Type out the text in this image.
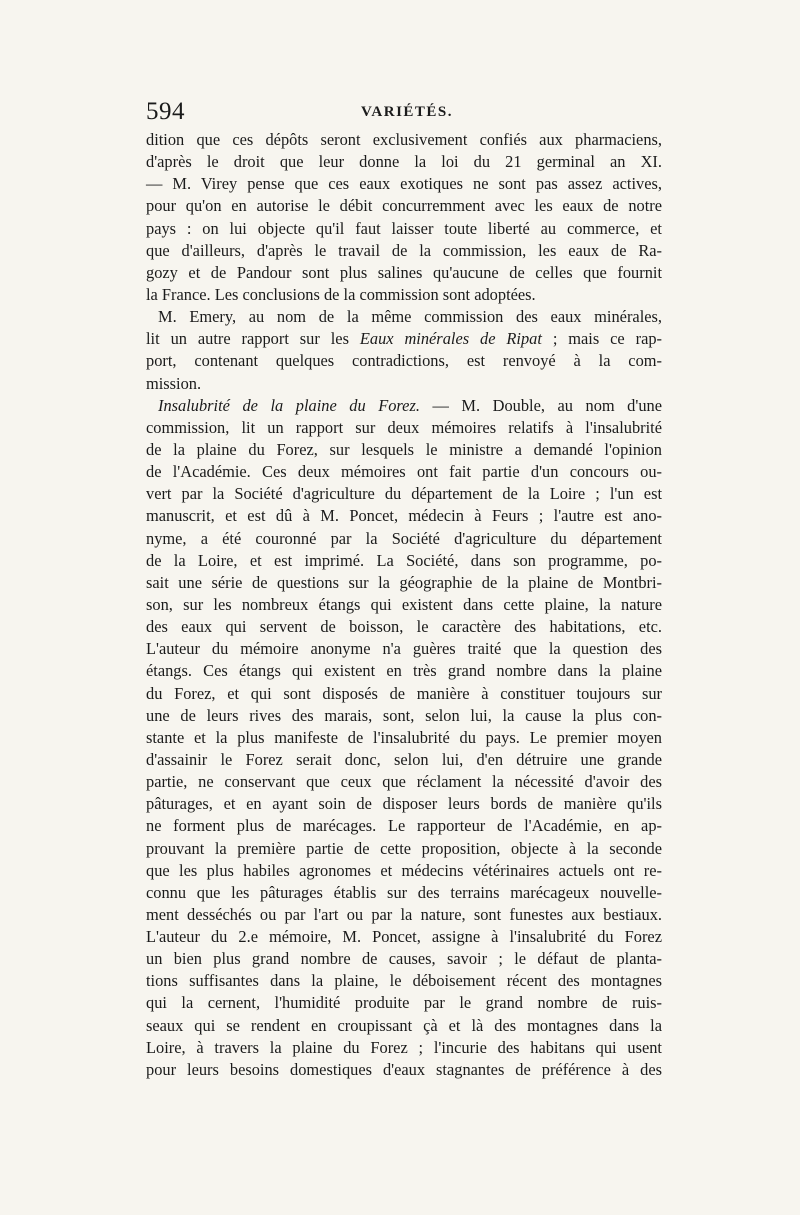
594	VARIÉTÉS.
dition que ces dépôts seront exclusivement confiés aux pharmaciens,
d'après le droit que leur donne la loi du 21 germinal an XI.
— M. Virey pense que ces eaux exotiques ne sont pas assez actives,
pour qu'on en autorise le débit concurremment avec les eaux de notre
pays : on lui objecte qu'il faut laisser toute liberté au commerce, et
que d'ailleurs, d'après le travail de la commission, les eaux de Ra-
gozy et de Pandour sont plus salines qu'aucune de celles que fournit
la France. Les conclusions de la commission sont adoptées.
M. Emery, au nom de la même commission des eaux minérales,
lit un autre rapport sur les Eaux minérales de Ripat ; mais ce rap-
port, contenant quelques contradictions, est renvoyé à la com-
mission.
Insalubrité de la plaine du Forez. — M. Double, au nom d'une
commission, lit un rapport sur deux mémoires relatifs à l'insalubrité
de la plaine du Forez, sur lesquels le ministre a demandé l'opinion
de l'Académie. Ces deux mémoires ont fait partie d'un concours ou-
vert par la Société d'agriculture du département de la Loire ; l'un est
manuscrit, et est dû à M. Poncet, médecin à Feurs ; l'autre est ano-
nyme, a été couronné par la Société d'agriculture du département
de la Loire, et est imprimé. La Société, dans son programme, po-
sait une série de questions sur la géographie de la plaine de Montbri-
son, sur les nombreux étangs qui existent dans cette plaine, la nature
des eaux qui servent de boisson, le caractère des habitations, etc.
L'auteur du mémoire anonyme n'a guères traité que la question des
étangs. Ces étangs qui existent en très grand nombre dans la plaine
du Forez, et qui sont disposés de manière à constituer toujours sur
une de leurs rives des marais, sont, selon lui, la cause la plus con-
stante et la plus manifeste de l'insalubrité du pays. Le premier moyen
d'assainir le Forez serait donc, selon lui, d'en détruire une grande
partie, ne conservant que ceux que réclament la nécessité d'avoir des
pâturages, et en ayant soin de disposer leurs bords de manière qu'ils
ne forment plus de marécages. Le rapporteur de l'Académie, en ap-
prouvant la première partie de cette proposition, objecte à la seconde
que les plus habiles agronomes et médecins vétérinaires actuels ont re-
connu que les pâturages établis sur des terrains marécageux nouvelle-
ment desséchés ou par l'art ou par la nature, sont funestes aux bestiaux.
L'auteur du 2.e mémoire, M. Poncet, assigne à l'insalubrité du Forez
un bien plus grand nombre de causes, savoir ; le défaut de planta-
tions suffisantes dans la plaine, le déboisement récent des montagnes
qui la cernent, l'humidité produite par le grand nombre de ruis-
seaux qui se rendent en croupissant çà et là des montagnes dans la
Loire, à travers la plaine du Forez ; l'incurie des habitans qui usent
pour leurs besoins domestiques d'eaux stagnantes de préférence à des
